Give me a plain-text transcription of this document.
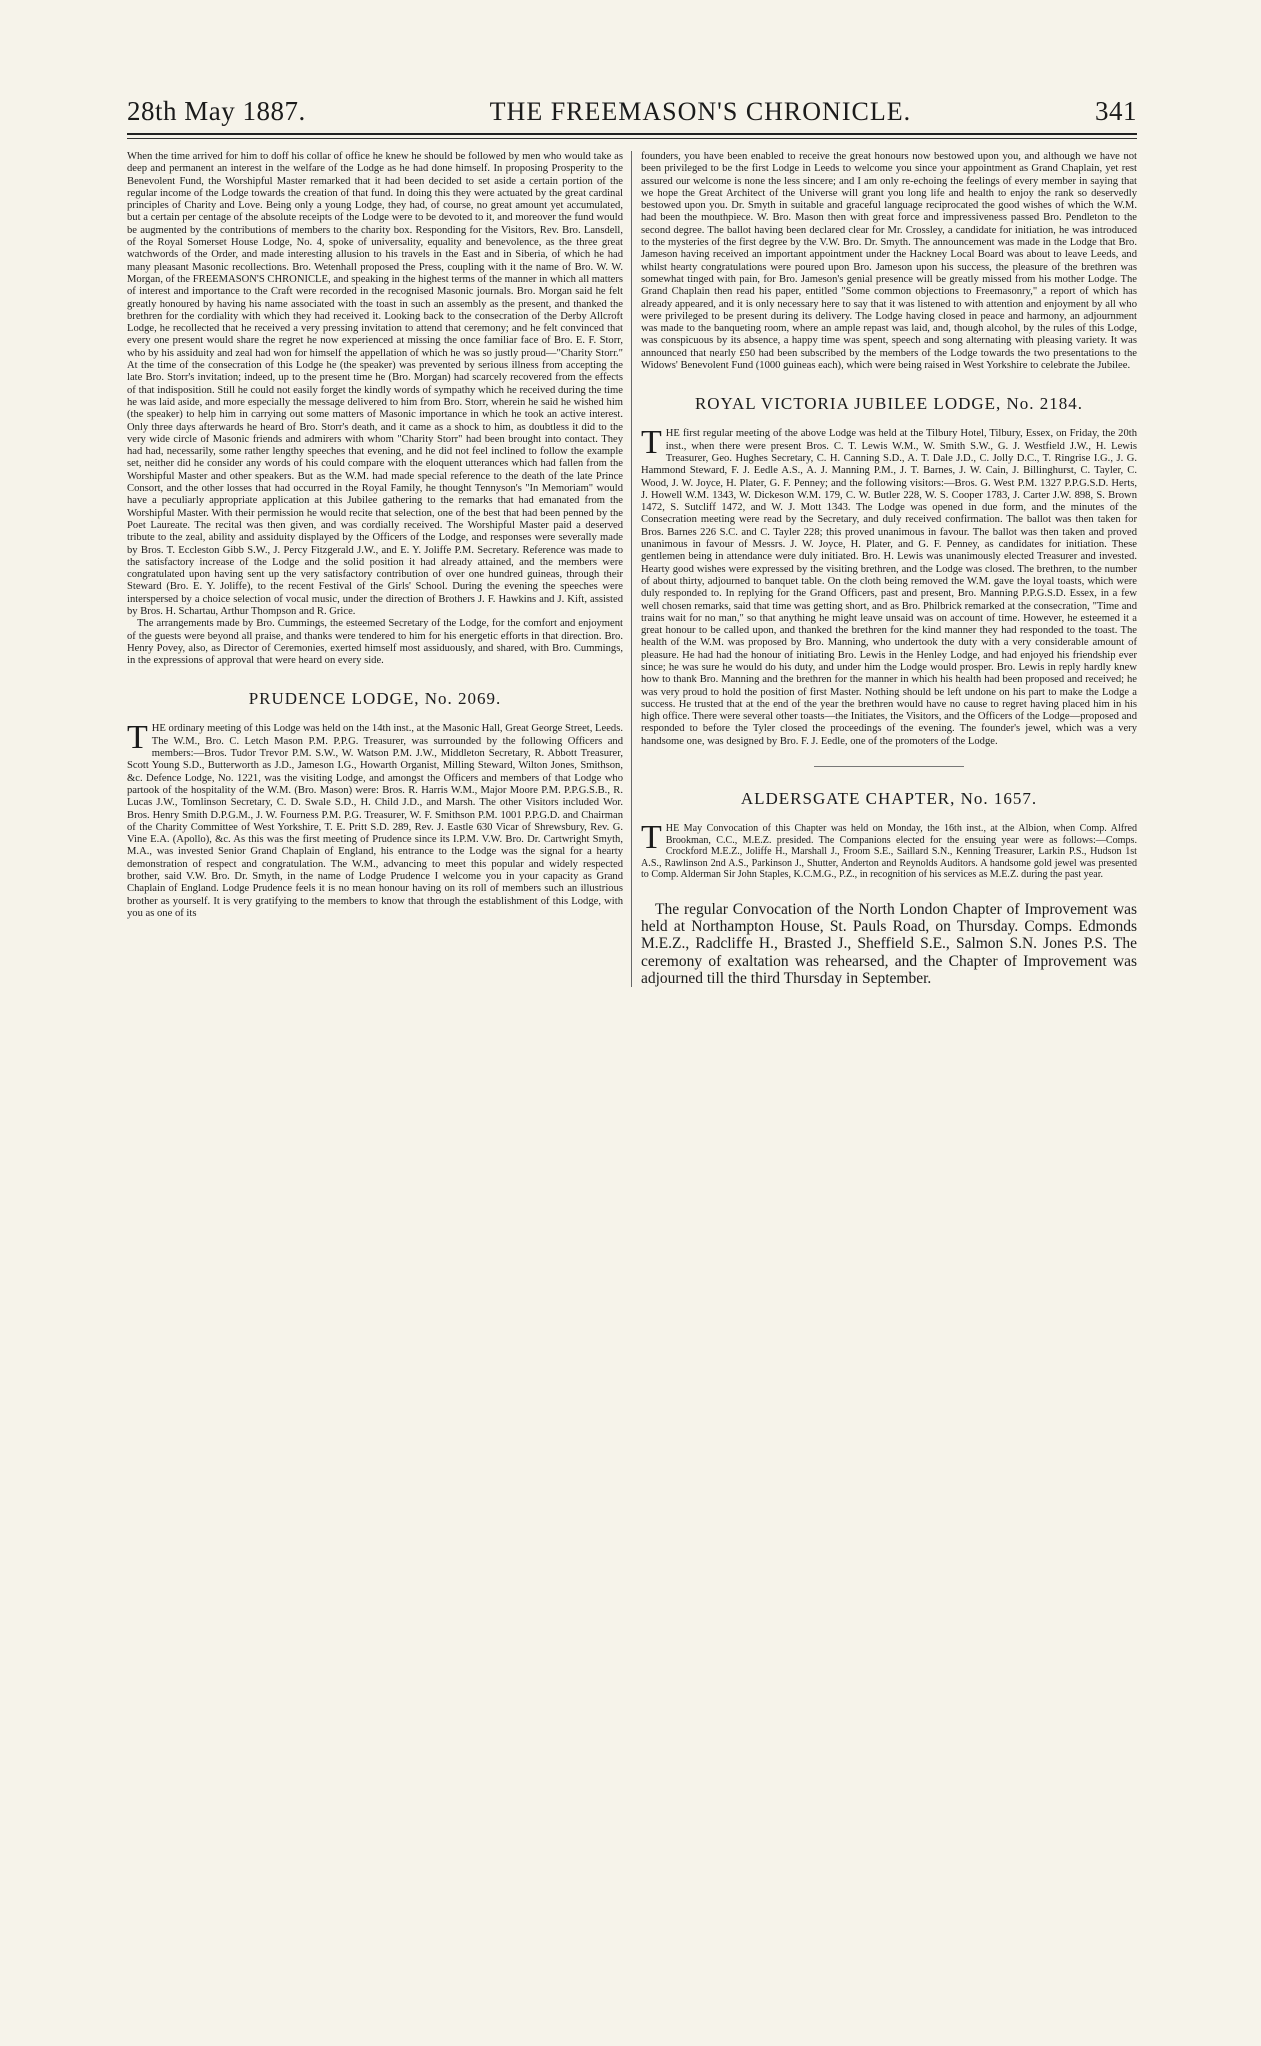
28th May 1887.	THE FREEMASON'S CHRONICLE.	341

When the time arrived for him to doff his collar of office he knew he should be followed by men who would take as deep and permanent an interest in the welfare of the Lodge as he had done himself. In proposing Prosperity to the Benevolent Fund, the Worshipful Master remarked that it had been decided to set aside a certain portion of the regular income of the Lodge towards the creation of that fund. In doing this they were actuated by the great cardinal principles of Charity and Love. Being only a young Lodge, they had, of course, no great amount yet accumulated, but a certain per centage of the absolute receipts of the Lodge were to be devoted to it, and moreover the fund would be augmented by the contributions of members to the charity box. Responding for the Visitors, Rev. Bro. Lansdell, of the Royal Somerset House Lodge, No. 4, spoke of universality, equality and benevolence, as the three great watchwords of the Order, and made interesting allusion to his travels in the East and in Siberia, of which he had many pleasant Masonic recollections. Bro. Wetenhall proposed the Press, coupling with it the name of Bro. W. W. Morgan, of the FREEMASON'S CHRONICLE, and speaking in the highest terms of the manner in which all matters of interest and importance to the Craft were recorded in the recognised Masonic journals. Bro. Morgan said he felt greatly honoured by having his name associated with the toast in such an assembly as the present, and thanked the brethren for the cordiality with which they had received it. Looking back to the consecration of the Derby Allcroft Lodge, he recollected that he received a very pressing invitation to attend that ceremony; and he felt convinced that every one present would share the regret he now experienced at missing the once familiar face of Bro. E. F. Storr, who by his assiduity and zeal had won for himself the appellation of which he was so justly proud—"Charity Storr." At the time of the consecration of this Lodge he (the speaker) was prevented by serious illness from accepting the late Bro. Storr's invitation; indeed, up to the present time he (Bro. Morgan) had scarcely recovered from the effects of that indisposition. Still he could not easily forget the kindly words of sympathy which he received during the time he was laid aside, and more especially the message delivered to him from Bro. Storr, wherein he said he wished him (the speaker) to help him in carrying out some matters of Masonic importance in which he took an active interest. Only three days afterwards he heard of Bro. Storr's death, and it came as a shock to him, as doubtless it did to the very wide circle of Masonic friends and admirers with whom "Charity Storr" had been brought into contact. They had had, necessarily, some rather lengthy speeches that evening, and he did not feel inclined to follow the example set, neither did he consider any words of his could compare with the eloquent utterances which had fallen from the Worshipful Master and other speakers. But as the W.M. had made special reference to the death of the late Prince Consort, and the other losses that had occurred in the Royal Family, he thought Tennyson's "In Memoriam" would have a peculiarly appropriate application at this Jubilee gathering to the remarks that had emanated from the Worshipful Master. With their permission he would recite that selection, one of the best that had been penned by the Poet Laureate. The recital was then given, and was cordially received. The Worshipful Master paid a deserved tribute to the zeal, ability and assiduity displayed by the Officers of the Lodge, and responses were severally made by Bros. T. Eccleston Gibb S.W., J. Percy Fitzgerald J.W., and E. Y. Joliffe P.M. Secretary. Reference was made to the satisfactory increase of the Lodge and the solid position it had already attained, and the members were congratulated upon having sent up the very satisfactory contribution of over one hundred guineas, through their Steward (Bro. E. Y. Joliffe), to the recent Festival of the Girls' School. During the evening the speeches were interspersed by a choice selection of vocal music, under the direction of Brothers J. F. Hawkins and J. Kift, assisted by Bros. H. Schartau, Arthur Thompson and R. Grice.

The arrangements made by Bro. Cummings, the esteemed Secretary of the Lodge, for the comfort and enjoyment of the guests were beyond all praise, and thanks were tendered to him for his energetic efforts in that direction. Bro. Henry Povey, also, as Director of Ceremonies, exerted himself most assiduously, and shared, with Bro. Cummings, in the expressions of approval that were heard on every side.

PRUDENCE LODGE, No. 2069.

THE ordinary meeting of this Lodge was held on the 14th inst., at the Masonic Hall, Great George Street, Leeds. The W.M., Bro. C. Letch Mason P.M. P.P.G. Treasurer, was surrounded by the following Officers and members:—Bros. Tudor Trevor P.M. S.W., W. Watson P.M. J.W., Middleton Secretary, R. Abbott Treasurer, Scott Young S.D., Butterworth as J.D., Jameson I.G., Howarth Organist, Milling Steward, Wilton Jones, Smithson, &c. Defence Lodge, No. 1221, was the visiting Lodge, and amongst the Officers and members of that Lodge who partook of the hospitality of the W.M. (Bro. Mason) were: Bros. R. Harris W.M., Major Moore P.M. P.P.G.S.B., R. Lucas J.W., Tomlinson Secretary, C. D. Swale S.D., H. Child J.D., and Marsh. The other Visitors included Wor. Bros. Henry Smith D.P.G.M., J. W. Fourness P.M. P.G. Treasurer, W. F. Smithson P.M. 1001 P.P.G.D. and Chairman of the Charity Committee of West Yorkshire, T. E. Pritt S.D. 289, Rev. J. Eastle 630 Vicar of Shrewsbury, Rev. G. Vine E.A. (Apollo), &c. As this was the first meeting of Prudence since its I.P.M. V.W. Bro. Dr. Cartwright Smyth, M.A., was invested Senior Grand Chaplain of England, his entrance to the Lodge was the signal for a hearty demonstration of respect and congratulation. The W.M., advancing to meet this popular and widely respected brother, said V.W. Bro. Dr. Smyth, in the name of Lodge Prudence I welcome you in your capacity as Grand Chaplain of England. Lodge Prudence feels it is no mean honour having on its roll of members such an illustrious brother as yourself. It is very gratifying to the members to know that through the establishment of this Lodge, with you as one of its

founders, you have been enabled to receive the great honours now bestowed upon you, and although we have not been privileged to be the first Lodge in Leeds to welcome you since your appointment as Grand Chaplain, yet rest assured our welcome is none the less sincere; and I am only re-echoing the feelings of every member in saying that we hope the Great Architect of the Universe will grant you long life and health to enjoy the rank so deservedly bestowed upon you. Dr. Smyth in suitable and graceful language reciprocated the good wishes of which the W.M. had been the mouthpiece. W. Bro. Mason then with great force and impressiveness passed Bro. Pendleton to the second degree. The ballot having been declared clear for Mr. Crossley, a candidate for initiation, he was introduced to the mysteries of the first degree by the V.W. Bro. Dr. Smyth. The announcement was made in the Lodge that Bro. Jameson having received an important appointment under the Hackney Local Board was about to leave Leeds, and whilst hearty congratulations were poured upon Bro. Jameson upon his success, the pleasure of the brethren was somewhat tinged with pain, for Bro. Jameson's genial presence will be greatly missed from his mother Lodge. The Grand Chaplain then read his paper, entitled "Some common objections to Freemasonry," a report of which has already appeared, and it is only necessary here to say that it was listened to with attention and enjoyment by all who were privileged to be present during its delivery. The Lodge having closed in peace and harmony, an adjournment was made to the banqueting room, where an ample repast was laid, and, though alcohol, by the rules of this Lodge, was conspicuous by its absence, a happy time was spent, speech and song alternating with pleasing variety. It was announced that nearly £50 had been subscribed by the members of the Lodge towards the two presentations to the Widows' Benevolent Fund (1000 guineas each), which were being raised in West Yorkshire to celebrate the Jubilee.

ROYAL VICTORIA JUBILEE LODGE, No. 2184.

THE first regular meeting of the above Lodge was held at the Tilbury Hotel, Tilbury, Essex, on Friday, the 20th inst., when there were present Bros. C. T. Lewis W.M., W. Smith S.W., G. J. Westfield J.W., H. Lewis Treasurer, Geo. Hughes Secretary, C. H. Canning S.D., A. T. Dale J.D., C. Jolly D.C., T. Ringrise I.G., J. G. Hammond Steward, F. J. Eedle A.S., A. J. Manning P.M., J. T. Barnes, J. W. Cain, J. Billinghurst, C. Tayler, C. Wood, J. W. Joyce, H. Plater, G. F. Penney; and the following visitors:—Bros. G. West P.M. 1327 P.P.G.S.D. Herts, J. Howell W.M. 1343, W. Dickeson W.M. 179, C. W. Butler 228, W. S. Cooper 1783, J. Carter J.W. 898, S. Brown 1472, S. Sutcliff 1472, and W. J. Mott 1343. The Lodge was opened in due form, and the minutes of the Consecration meeting were read by the Secretary, and duly received confirmation. The ballot was then taken for Bros. Barnes 226 S.C. and C. Tayler 228; this proved unanimous in favour. The ballot was then taken and proved unanimous in favour of Messrs. J. W. Joyce, H. Plater, and G. F. Penney, as candidates for initiation. These gentlemen being in attendance were duly initiated. Bro. H. Lewis was unanimously elected Treasurer and invested. Hearty good wishes were expressed by the visiting brethren, and the Lodge was closed. The brethren, to the number of about thirty, adjourned to banquet table. On the cloth being removed the W.M. gave the loyal toasts, which were duly responded to. In replying for the Grand Officers, past and present, Bro. Manning P.P.G.S.D. Essex, in a few well chosen remarks, said that time was getting short, and as Bro. Philbrick remarked at the consecration, "Time and trains wait for no man," so that anything he might leave unsaid was on account of time. However, he esteemed it a great honour to be called upon, and thanked the brethren for the kind manner they had responded to the toast. The health of the W.M. was proposed by Bro. Manning, who undertook the duty with a very considerable amount of pleasure. He had had the honour of initiating Bro. Lewis in the Henley Lodge, and had enjoyed his friendship ever since; he was sure he would do his duty, and under him the Lodge would prosper. Bro. Lewis in reply hardly knew how to thank Bro. Manning and the brethren for the manner in which his health had been proposed and received; he was very proud to hold the position of first Master. Nothing should be left undone on his part to make the Lodge a success. He trusted that at the end of the year the brethren would have no cause to regret having placed him in his high office. There were several other toasts—the Initiates, the Visitors, and the Officers of the Lodge—proposed and responded to before the Tyler closed the proceedings of the evening. The founder's jewel, which was a very handsome one, was designed by Bro. F. J. Eedle, one of the promoters of the Lodge.

ALDERSGATE CHAPTER, No. 1657.

THE May Convocation of this Chapter was held on Monday, the 16th inst., at the Albion, when Comp. Alfred Brookman, C.C., M.E.Z. presided. The Companions elected for the ensuing year were as follows:—Comps. Crockford M.E.Z., Joliffe H., Marshall J., Froom S.E., Saillard S.N., Kenning Treasurer, Larkin P.S., Hudson 1st A.S., Rawlinson 2nd A.S., Parkinson J., Shutter, Anderton and Reynolds Auditors. A handsome gold jewel was presented to Comp. Alderman Sir John Staples, K.C.M.G., P.Z., in recognition of his services as M.E.Z. during the past year.

The regular Convocation of the North London Chapter of Improvement was held at Northampton House, St. Pauls Road, on Thursday. Comps. Edmonds M.E.Z., Radcliffe H., Brasted J., Sheffield S.E., Salmon S.N. Jones P.S. The ceremony of exaltation was rehearsed, and the Chapter of Improvement was adjourned till the third Thursday in September.
